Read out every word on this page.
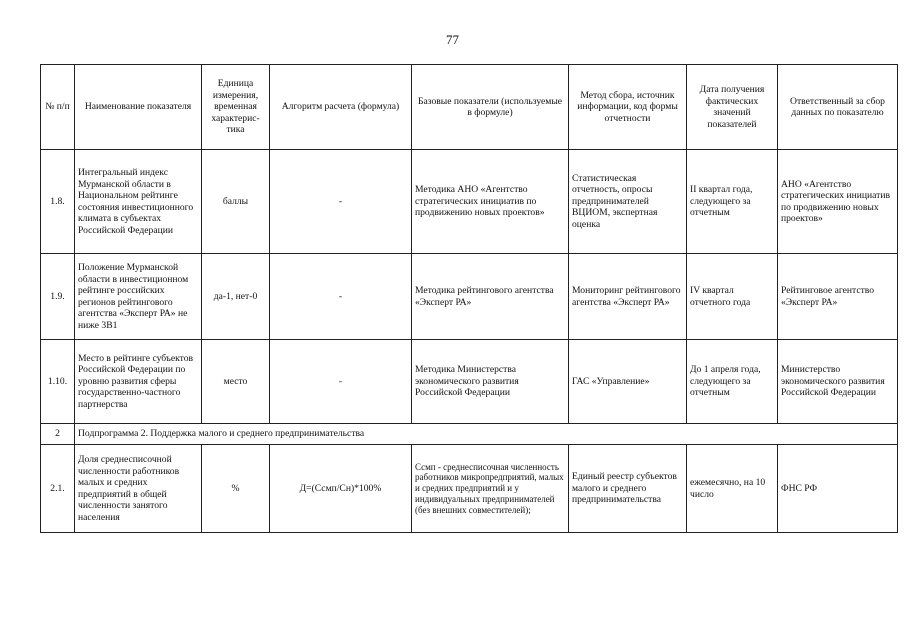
77
№ п/п	Наименование показателя	Единица измерения, временная характерис-тика	Алгоритм расчета (формула)	Базовые показатели (используемые в формуле)	Метод сбора, источник информации, код формы отчетности	Дата получения фактических значений показателей	Ответственный за сбор данных по показателю
1.8.	Интегральный индекс Мурманской области в Национальном рейтинге состояния инвестиционного климата в субъектах Российской Федерации	баллы	-	Методика АНО «Агентство стратегических инициатив по продвижению новых проектов»	Статистическая отчетность, опросы предпринимателей ВЦИОМ, экспертная оценка	II квартал года, следующего за отчетным	АНО «Агентство стратегических инициатив по продвижению новых проектов»
1.9.	Положение Мурманской области в инвестиционном рейтинге российских регионов рейтингового агентства «Эксперт РА» не ниже 3В1	да-1, нет-0	-	Методика рейтингового агентства «Эксперт РА»	Мониторинг рейтингового агентства «Эксперт РА»	IV квартал отчетного года	Рейтинговое агентство «Эксперт РА»
1.10.	Место в рейтинге субъектов Российской Федерации по уровню развития сферы государственно-частного партнерства	место	-	Методика Министерства экономического развития Российской Федерации	ГАС «Управление»	До 1 апреля года, следующего за отчетным	Министерство экономического развития Российской Федерации
2	Подпрограмма 2. Поддержка малого и среднего предпринимательства						
2.1.	Доля среднесписочной численности работников малых и средних предприятий в общей численности занятого населения	%	Д=(Ссмп/Сн)*100%	Ссмп - среднесписочная численность работников микропредприятий, малых и средних предприятий и у индивидуальных предпринимателей (без внешних совместителей);	Единый реестр субъектов малого и среднего предпринимательства	ежемесячно, на 10 число	ФНС РФ
